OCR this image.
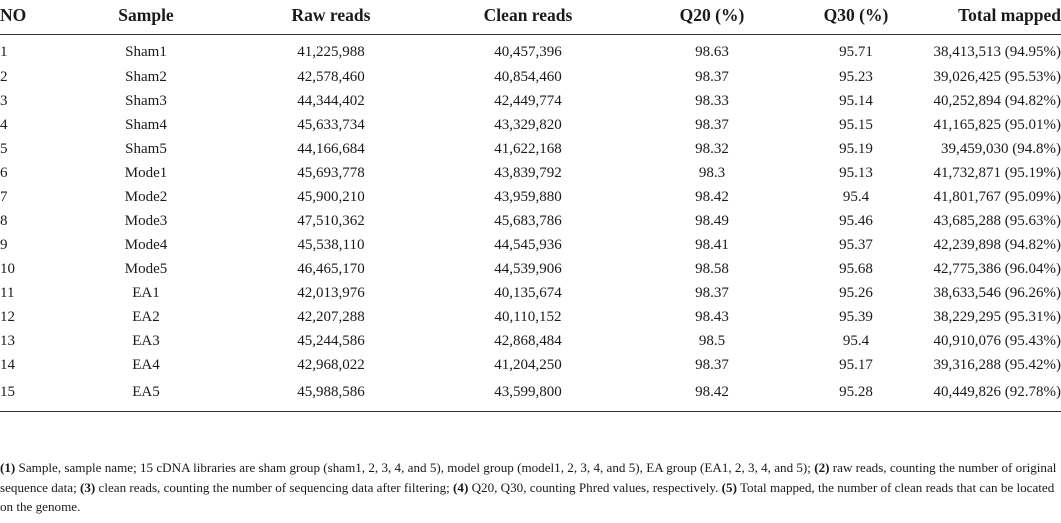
NO	Sample	Raw reads	Clean reads	Q20 (%)	Q30 (%)	Total mapped
1	Sham1	41,225,988	40,457,396	98.63	95.71	38,413,513 (94.95%)
2	Sham2	42,578,460	40,854,460	98.37	95.23	39,026,425 (95.53%)
3	Sham3	44,344,402	42,449,774	98.33	95.14	40,252,894 (94.82%)
4	Sham4	45,633,734	43,329,820	98.37	95.15	41,165,825 (95.01%)
5	Sham5	44,166,684	41,622,168	98.32	95.19	39,459,030 (94.8%)
6	Mode1	45,693,778	43,839,792	98.3	95.13	41,732,871 (95.19%)
7	Mode2	45,900,210	43,959,880	98.42	95.4	41,801,767 (95.09%)
8	Mode3	47,510,362	45,683,786	98.49	95.46	43,685,288 (95.63%)
9	Mode4	45,538,110	44,545,936	98.41	95.37	42,239,898 (94.82%)
10	Mode5	46,465,170	44,539,906	98.58	95.68	42,775,386 (96.04%)
11	EA1	42,013,976	40,135,674	98.37	95.26	38,633,546 (96.26%)
12	EA2	42,207,288	40,110,152	98.43	95.39	38,229,295 (95.31%)
13	EA3	45,244,586	42,868,484	98.5	95.4	40,910,076 (95.43%)
14	EA4	42,968,022	41,204,250	98.37	95.17	39,316,288 (95.42%)
15	EA5	45,988,586	43,599,800	98.42	95.28	40,449,826 (92.78%)
(1) Sample, sample name; 15 cDNA libraries are sham group (sham1, 2, 3, 4, and 5), model group (model1, 2, 3, 4, and 5), EA group (EA1, 2, 3, 4, and 5); (2) raw reads, counting the number of original sequence data; (3) clean reads, counting the number of sequencing data after filtering; (4) Q20, Q30, counting Phred values, respectively. (5) Total mapped, the number of clean reads that can be located on the genome.
